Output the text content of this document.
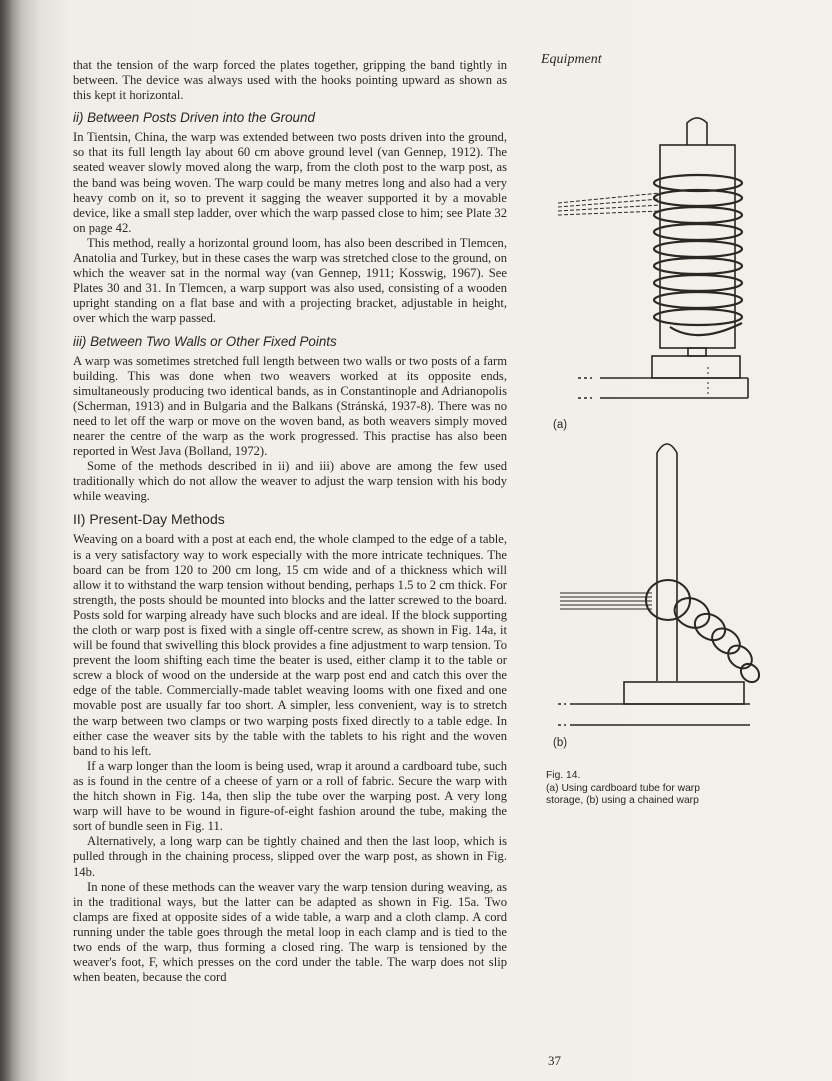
Equipment

that the tension of the warp forced the plates together, gripping the band tightly in between. The device was always used with the hooks pointing upward as shown as this kept it horizontal.

ii) Between Posts Driven into the Ground

In Tientsin, China, the warp was extended between two posts driven into the ground, so that its full length lay about 60 cm above ground level (van Gennep, 1912). The seated weaver slowly moved along the warp, from the cloth post to the warp post, as the band was being woven. The warp could be many metres long and also had a very heavy comb on it, so to prevent it sagging the weaver supported it by a movable device, like a small step ladder, over which the warp passed close to him; see Plate 32 on page 42.

This method, really a horizontal ground loom, has also been described in Tlemcen, Anatolia and Turkey, but in these cases the warp was stretched close to the ground, on which the weaver sat in the normal way (van Gennep, 1911; Kosswig, 1967). See Plates 30 and 31. In Tlemcen, a warp support was also used, consisting of a wooden upright standing on a flat base and with a projecting bracket, adjustable in height, over which the warp passed.

iii) Between Two Walls or Other Fixed Points

A warp was sometimes stretched full length between two walls or two posts of a farm building. This was done when two weavers worked at its opposite ends, simultaneously producing two identical bands, as in Constantinople and Adrianopolis (Scherman, 1913) and in Bulgaria and the Balkans (Stránská, 1937-8). There was no need to let off the warp or move on the woven band, as both weavers simply moved nearer the centre of the warp as the work progressed. This practise has also been reported in West Java (Bolland, 1972).

Some of the methods described in ii) and iii) above are among the few used traditionally which do not allow the weaver to adjust the warp tension with his body while weaving.

II) Present-Day Methods

Weaving on a board with a post at each end, the whole clamped to the edge of a table, is a very satisfactory way to work especially with the more intricate techniques. The board can be from 120 to 200 cm long, 15 cm wide and of a thickness which will allow it to withstand the warp tension without bending, perhaps 1.5 to 2 cm thick. For strength, the posts should be mounted into blocks and the latter screwed to the board. Posts sold for warping already have such blocks and are ideal. If the block supporting the cloth or warp post is fixed with a single off-centre screw, as shown in Fig. 14a, it will be found that swivelling this block provides a fine adjustment to warp tension. To prevent the loom shifting each time the beater is used, either clamp it to the table or screw a block of wood on the underside at the warp post end and catch this over the edge of the table. Commercially-made tablet weaving looms with one fixed and one movable post are usually far too short. A simpler, less convenient, way is to stretch the warp between two clamps or two warping posts fixed directly to a table edge. In either case the weaver sits by the table with the tablets to his right and the woven band to his left.

If a warp longer than the loom is being used, wrap it around a cardboard tube, such as is found in the centre of a cheese of yarn or a roll of fabric. Secure the warp with the hitch shown in Fig. 14a, then slip the tube over the warping post. A very long warp will have to be wound in figure-of-eight fashion around the tube, making the sort of bundle seen in Fig. 11.

Alternatively, a long warp can be tightly chained and then the last loop, which is pulled through in the chaining process, slipped over the warp post, as shown in Fig. 14b.

In none of these methods can the weaver vary the warp tension during weaving, as in the traditional ways, but the latter can be adapted as shown in Fig. 15a. Two clamps are fixed at opposite sides of a wide table, a warp and a cloth clamp. A cord running under the table goes through the metal loop in each clamp and is tied to the two ends of the warp, thus forming a closed ring. The warp is tensioned by the weaver's foot, F, which presses on the cord under the table. The warp does not slip when beaten, because the cord

(a)
(b)
Fig. 14.
(a) Using cardboard tube for warp
storage, (b) using a chained warp
37
